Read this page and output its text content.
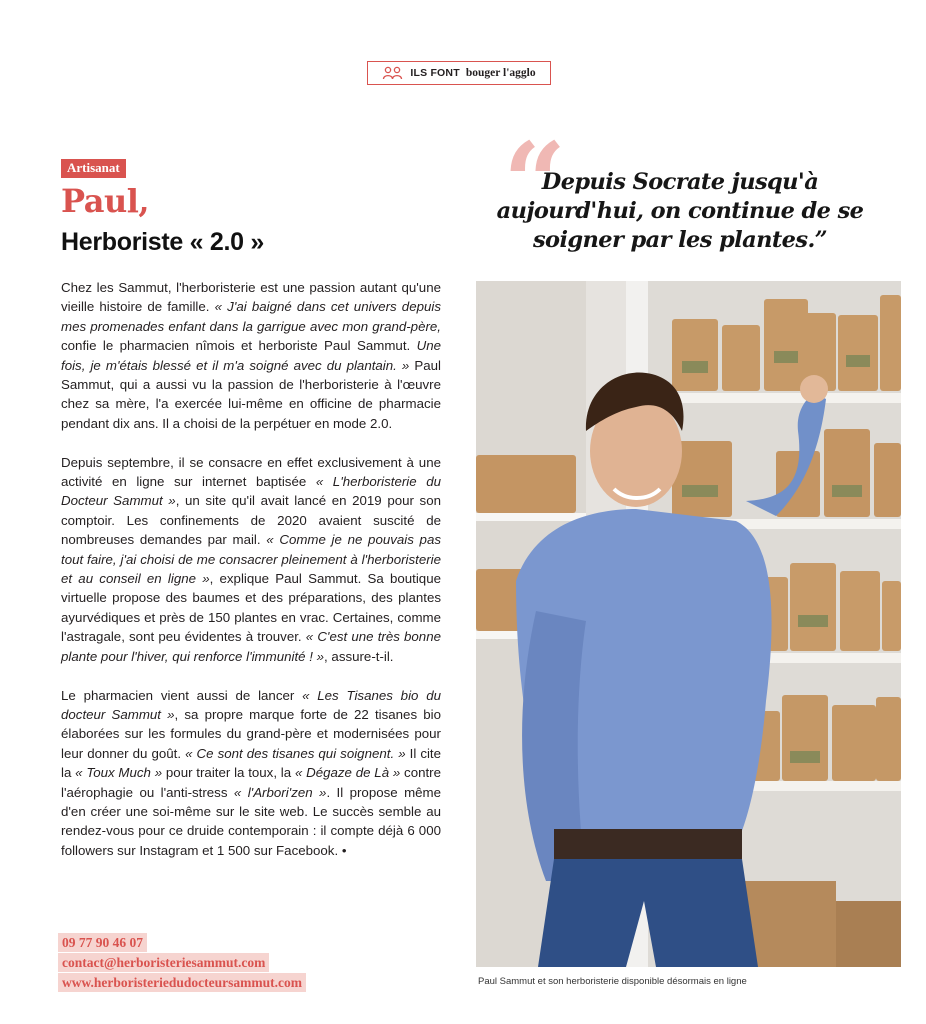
ILS FONT bouger l'agglo
Artisanat
Paul,
Herboriste « 2.0 »

Chez les Sammut, l'herboristerie est une passion autant qu'une vieille histoire de famille. « J'ai baigné dans cet univers depuis mes promenades enfant dans la garrigue avec mon grand-père, confie le pharmacien nîmois et herboriste Paul Sammut. Une fois, je m'étais blessé et il m'a soigné avec du plantain. » Paul Sammut, qui a aussi vu la passion de l'herboristerie à l'œuvre chez sa mère, l'a exercée lui-même en officine de pharmacie pendant dix ans. Il a choisi de la perpétuer en mode 2.0.

Depuis septembre, il se consacre en effet exclusivement à une activité en ligne sur internet baptisée « L'herboristerie du Docteur Sammut », un site qu'il avait lancé en 2019 pour son comptoir. Les confinements de 2020 avaient suscité de nombreuses demandes par mail. « Comme je ne pouvais pas tout faire, j'ai choisi de me consacrer pleinement à l'herboristerie et au conseil en ligne », explique Paul Sammut. Sa boutique virtuelle propose des baumes et des préparations, des plantes ayurvédiques et près de 150 plantes en vrac. Certaines, comme l'astragale, sont peu évidentes à trouver. « C'est une très bonne plante pour l'hiver, qui renforce l'immunité ! », assure-t-il.

Le pharmacien vient aussi de lancer « Les Tisanes bio du docteur Sammut », sa propre marque forte de 22 tisanes bio élaborées sur les formules du grand-père et modernisées pour leur donner du goût. « Ce sont des tisanes qui soignent. » Il cite la « Toux Much » pour traiter la toux, la « Dégaze de Là » contre l'aérophagie ou l'anti-stress « l'Arbori'zen ». Il propose même d'en créer une soi-même sur le site web. Le succès semble au rendez-vous pour ce druide contemporain : il compte déjà 6 000 followers sur Instagram et 1 500 sur Facebook. •

“
Depuis Socrate jusqu'à aujourd'hui, on continue de se soigner par les plantes.”
Paul Sammut et son herboristerie disponible désormais en ligne
09 77 90 46 07
contact@herboristeriesammut.com
www.herboristeriedudocteursammut.com
